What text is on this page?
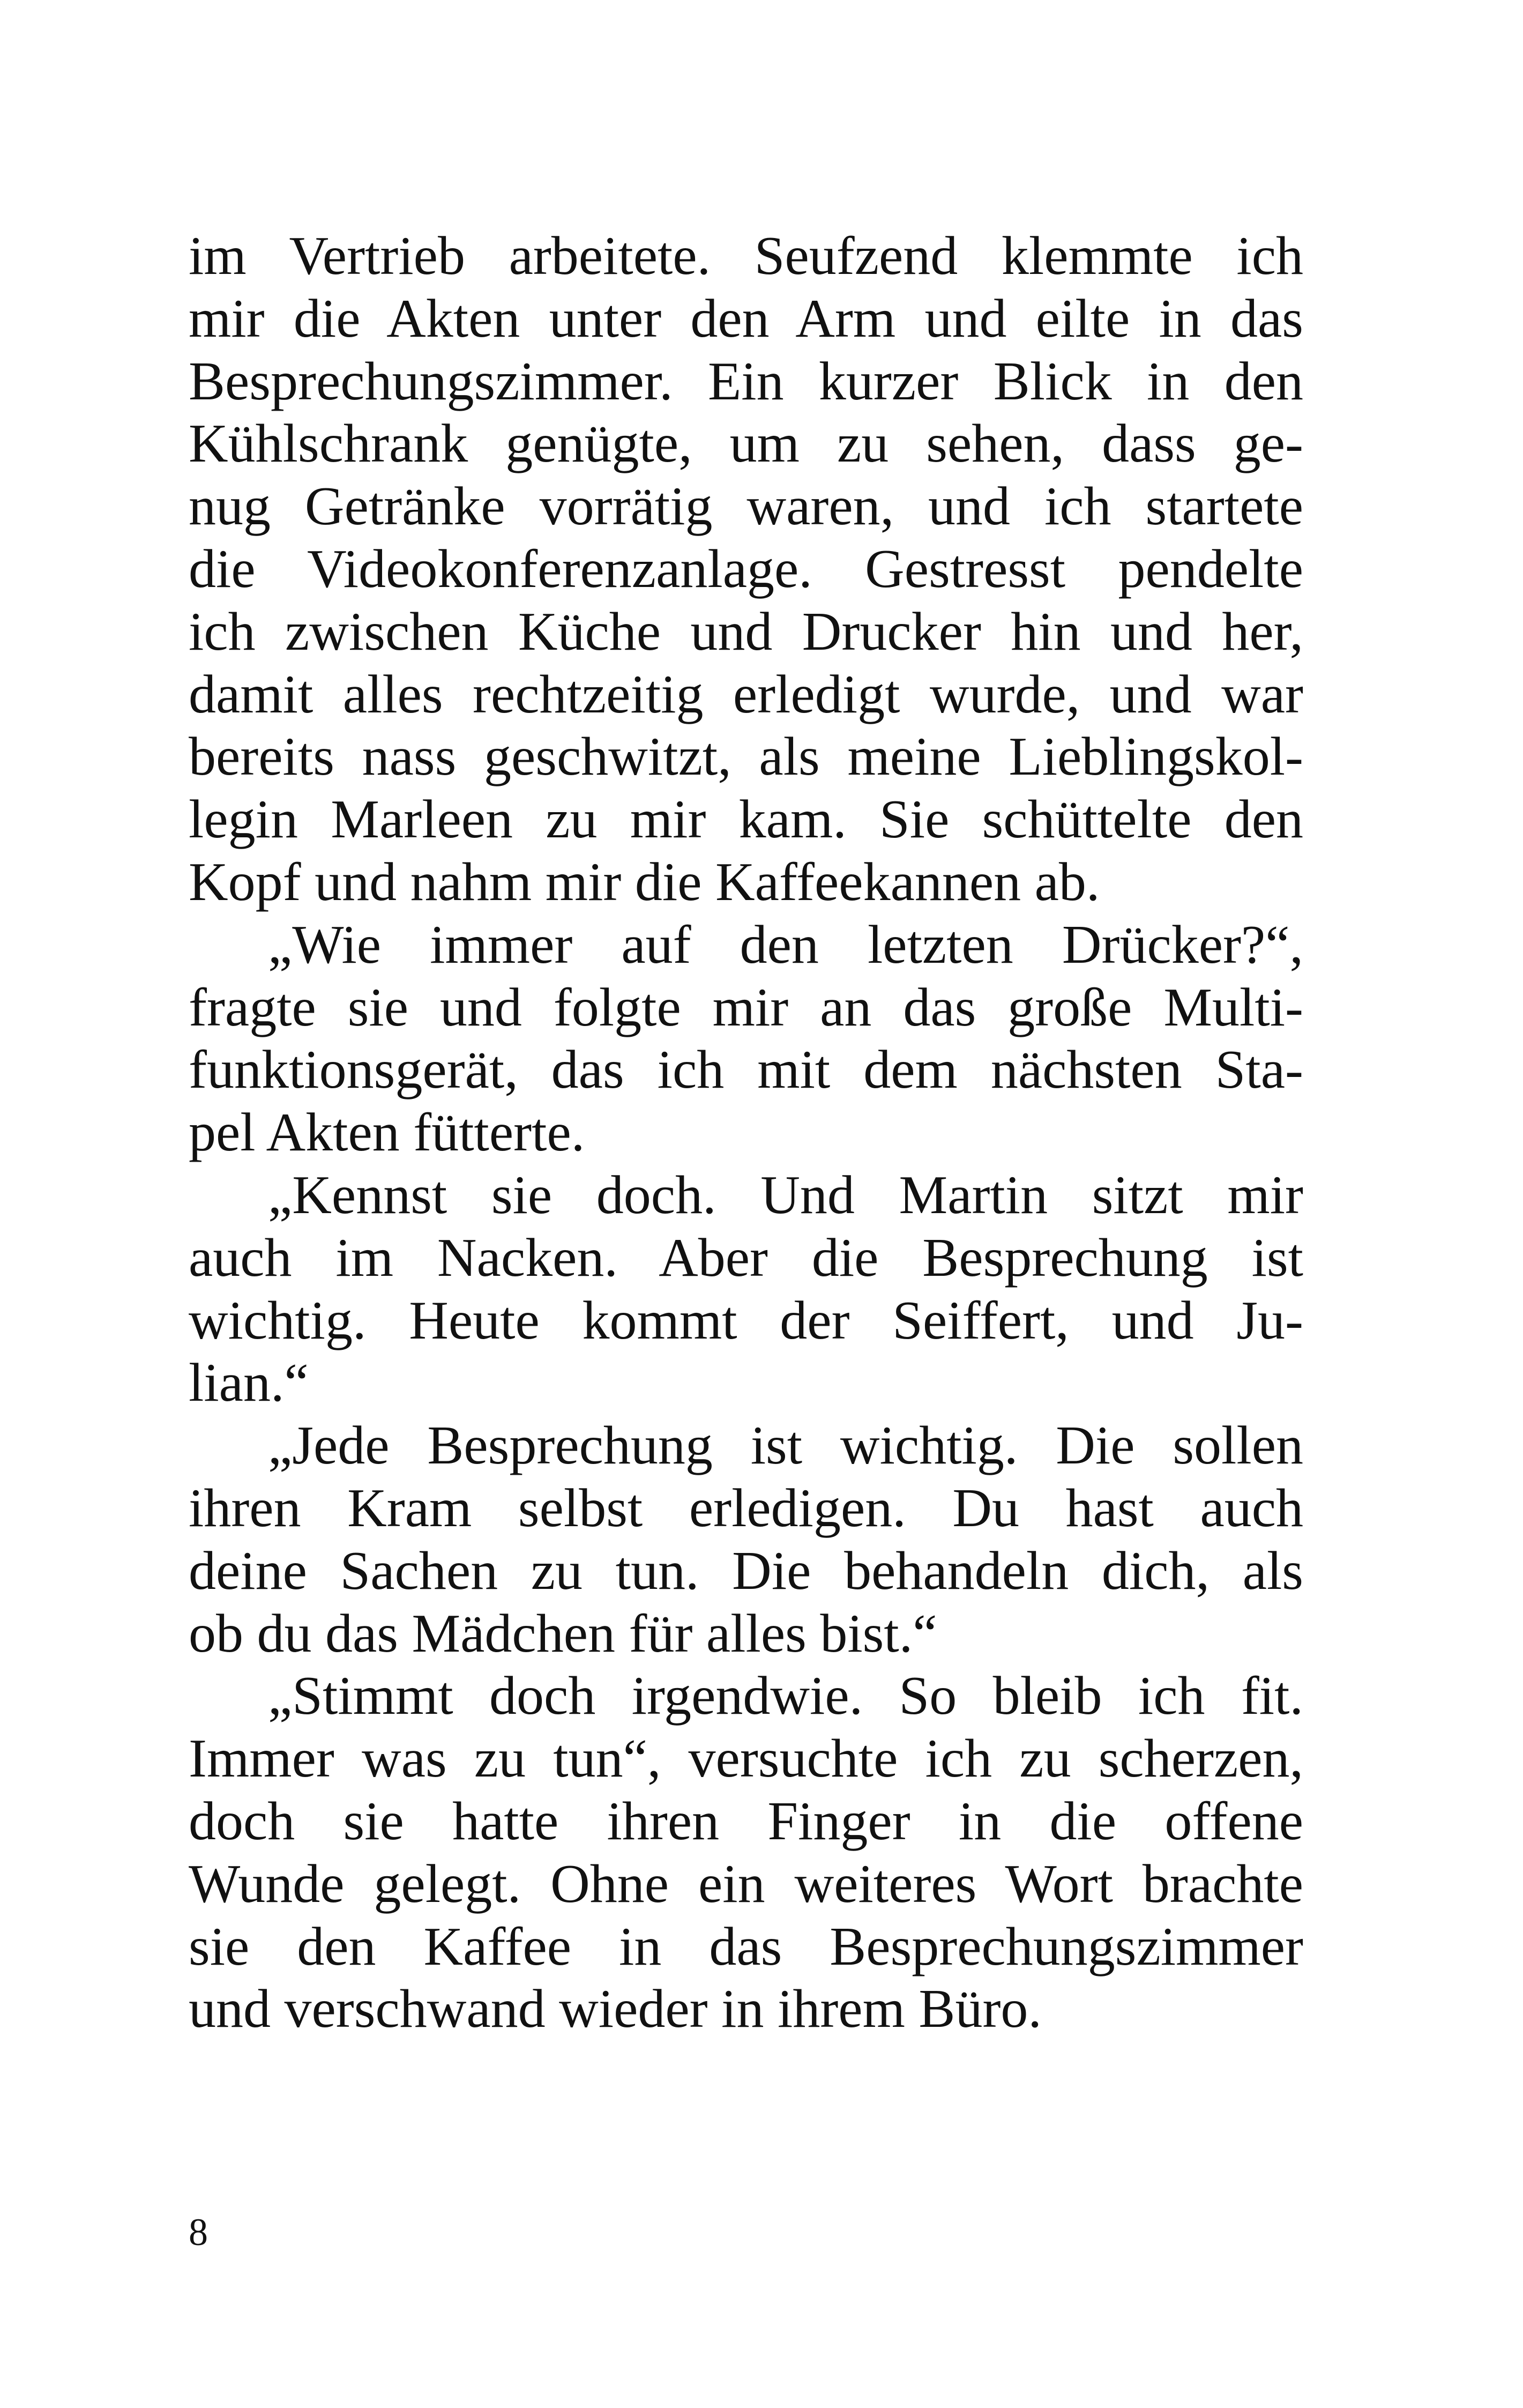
im Vertrieb arbeitete. Seufzend klemmte ich
mir die Akten unter den Arm und eilte in das
Besprechungszimmer. Ein kurzer Blick in den
Kühlschrank genügte, um zu sehen, dass ge-
nug Getränke vorrätig waren, und ich startete
die Videokonferenzanlage. Gestresst pendelte
ich zwischen Küche und Drucker hin und her,
damit alles rechtzeitig erledigt wurde, und war
bereits nass geschwitzt, als meine Lieblingskol-
legin Marleen zu mir kam. Sie schüttelte den
Kopf und nahm mir die Kaffeekannen ab.
„Wie immer auf den letzten Drücker?“,
fragte sie und folgte mir an das große Multi-
funktionsgerät, das ich mit dem nächsten Sta-
pel Akten fütterte.
„Kennst sie doch. Und Martin sitzt mir
auch im Nacken. Aber die Besprechung ist
wichtig. Heute kommt der Seiffert, und Ju-
lian.“
„Jede Besprechung ist wichtig. Die sollen
ihren Kram selbst erledigen. Du hast auch
deine Sachen zu tun. Die behandeln dich, als
ob du das Mädchen für alles bist.“
„Stimmt doch irgendwie. So bleib ich fit.
Immer was zu tun“, versuchte ich zu scherzen,
doch sie hatte ihren Finger in die offene
Wunde gelegt. Ohne ein weiteres Wort brachte
sie den Kaffee in das Besprechungszimmer
und verschwand wieder in ihrem Büro.
8
